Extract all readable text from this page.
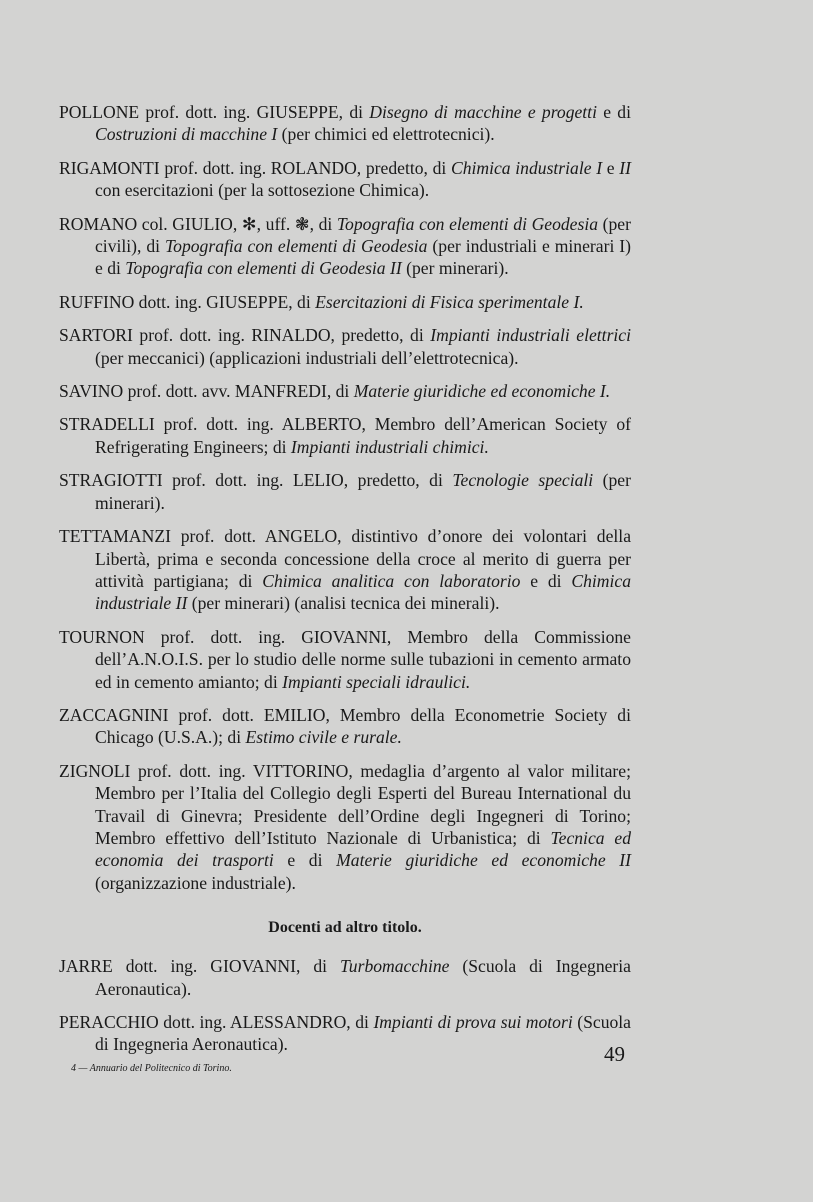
POLLONE prof. dott. ing. GIUSEPPE, di Disegno di macchine e progetti e di Costruzioni di macchine I (per chimici ed elettrotecnici).

RIGAMONTI prof. dott. ing. ROLANDO, predetto, di Chimica industriale I e II con esercitazioni (per la sottosezione Chimica).

ROMANO col. GIULIO, ✻, uff. ❃, di Topografia con elementi di Geodesia (per civili), di Topografia con elementi di Geodesia (per industriali e minerari I) e di Topografia con elementi di Geodesia II (per minerari).

RUFFINO dott. ing. GIUSEPPE, di Esercitazioni di Fisica sperimentale I.

SARTORI prof. dott. ing. RINALDO, predetto, di Impianti industriali elettrici (per meccanici) (applicazioni industriali dell’elettrotecnica).

SAVINO prof. dott. avv. MANFREDI, di Materie giuridiche ed economiche I.

STRADELLI prof. dott. ing. ALBERTO, Membro dell’American Society of Refrigerating Engineers; di Impianti industriali chimici.

STRAGIOTTI prof. dott. ing. LELIO, predetto, di Tecnologie speciali (per minerari).

TETTAMANZI prof. dott. ANGELO, distintivo d’onore dei volontari della Libertà, prima e seconda concessione della croce al merito di guerra per attività partigiana; di Chimica analitica con laboratorio e di Chimica industriale II (per minerari) (analisi tecnica dei minerali).

TOURNON prof. dott. ing. GIOVANNI, Membro della Commissione dell’A.N.O.I.S. per lo studio delle norme sulle tubazioni in cemento armato ed in cemento amianto; di Impianti speciali idraulici.

ZACCAGNINI prof. dott. EMILIO, Membro della Econometrie Society di Chicago (U.S.A.); di Estimo civile e rurale.

ZIGNOLI prof. dott. ing. VITTORINO, medaglia d’argento al valor militare; Membro per l’Italia del Collegio degli Esperti del Bureau International du Travail di Ginevra; Presidente dell’Ordine degli Ingegneri di Torino; Membro effettivo dell’Istituto Nazionale di Urbanistica; di Tecnica ed economia dei trasporti e di Materie giuridiche ed economiche II (organizzazione industriale).

Docenti ad altro titolo.

JARRE dott. ing. GIOVANNI, di Turbomacchine (Scuola di Ingegneria Aeronautica).

PERACCHIO dott. ing. ALESSANDRO, di Impianti di prova sui motori (Scuola di Ingegneria Aeronautica).	49
4 — Annuario del Politecnico di Torino.
